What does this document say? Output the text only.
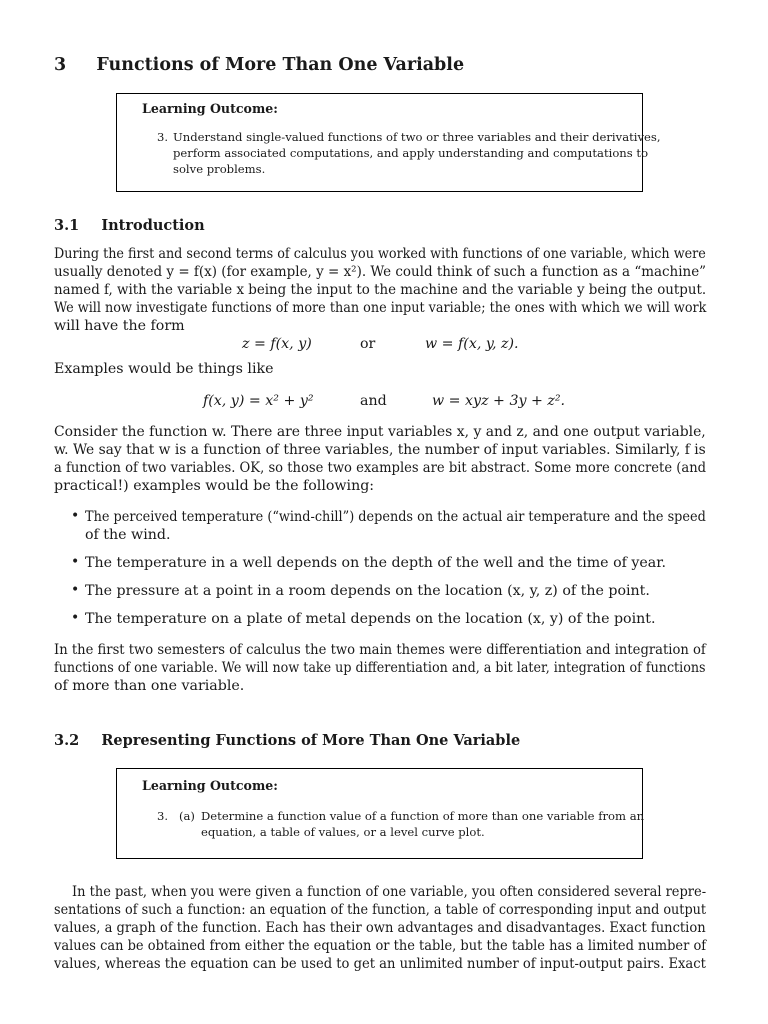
3 Functions of More Than One Variable
Learning Outcome:
3. Understand single-valued functions of two or three variables and their derivatives,
perform associated computations, and apply understanding and computations to
solve problems.
3.1 Introduction
During the first and second terms of calculus you worked with functions of one variable, which were
usually denoted y = f(x) (for example, y = x²). We could think of such a function as a “machine”
named f, with the variable x being the input to the machine and the variable y being the output.
We will now investigate functions of more than one input variable; the ones with which we will work
will have the form
z = f(x, y)	or	w = f(x, y, z).
Examples would be things like
f(x, y) = x² + y²	and	w = xyz + 3y + z².
Consider the function w. There are three input variables x, y and z, and one output variable,
w. We say that w is a function of three variables, the number of input variables. Similarly, f is
a function of two variables. OK, so those two examples are bit abstract. Some more concrete (and
practical!) examples would be the following:
• The perceived temperature (“wind-chill”) depends on the actual air temperature and the speed
of the wind.
• The temperature in a well depends on the depth of the well and the time of year.
• The pressure at a point in a room depends on the location (x, y, z) of the point.
• The temperature on a plate of metal depends on the location (x, y) of the point.
In the first two semesters of calculus the two main themes were differentiation and integration of
functions of one variable. We will now take up differentiation and, a bit later, integration of functions
of more than one variable.
3.2 Representing Functions of More Than One Variable
Learning Outcome:
3. (a) Determine a function value of a function of more than one variable from an
equation, a table of values, or a level curve plot.
In the past, when you were given a function of one variable, you often considered several repre-
sentations of such a function: an equation of the function, a table of corresponding input and output
values, a graph of the function. Each has their own advantages and disadvantages. Exact function
values can be obtained from either the equation or the table, but the table has a limited number of
values, whereas the equation can be used to get an unlimited number of input-output pairs. Exact
